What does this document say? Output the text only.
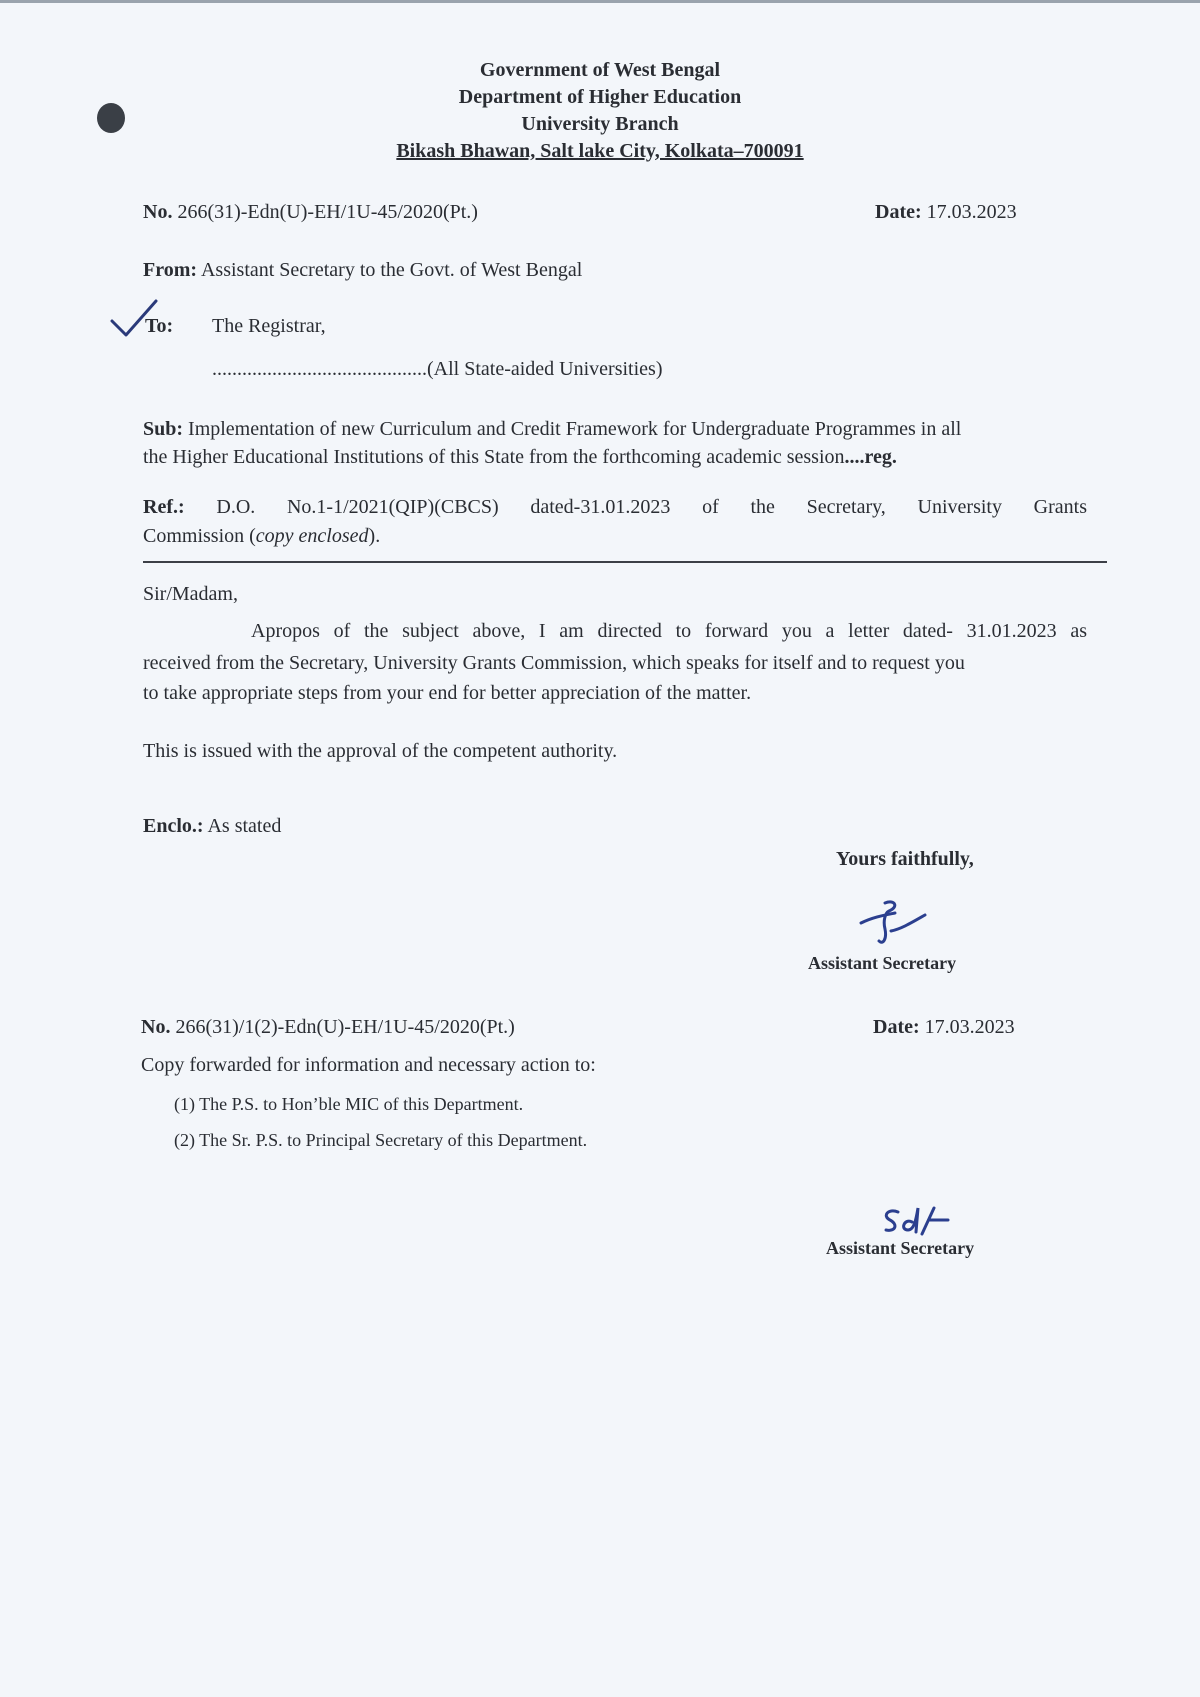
Government of West Bengal
Department of Higher Education
University Branch
Bikash Bhawan, Salt lake City, Kolkata–700091
No. 266(31)-Edn(U)-EH/1U-45/2020(Pt.)	Date: 17.03.2023
From: Assistant Secretary to the Govt. of West Bengal
To: The Registrar,
...........................................(All State-aided Universities)
Sub: Implementation of new Curriculum and Credit Framework for Undergraduate Programmes in all
the Higher Educational Institutions of this State from the forthcoming academic session....reg.
Ref.: D.O. No.1-1/2021(QIP)(CBCS) dated-31.01.2023 of the Secretary, University Grants
Commission (copy enclosed).
Sir/Madam,
Apropos of the subject above, I am directed to forward you a letter dated- 31.01.2023 as
received from the Secretary, University Grants Commission, which speaks for itself and to request you
to take appropriate steps from your end for better appreciation of the matter.
This is issued with the approval of the competent authority.
Enclo.: As stated
Yours faithfully,
Assistant Secretary
No. 266(31)/1(2)-Edn(U)-EH/1U-45/2020(Pt.)	Date: 17.03.2023
Copy forwarded for information and necessary action to:
(1) The P.S. to Hon’ble MIC of this Department.
(2) The Sr. P.S. to Principal Secretary of this Department.
Assistant Secretary
